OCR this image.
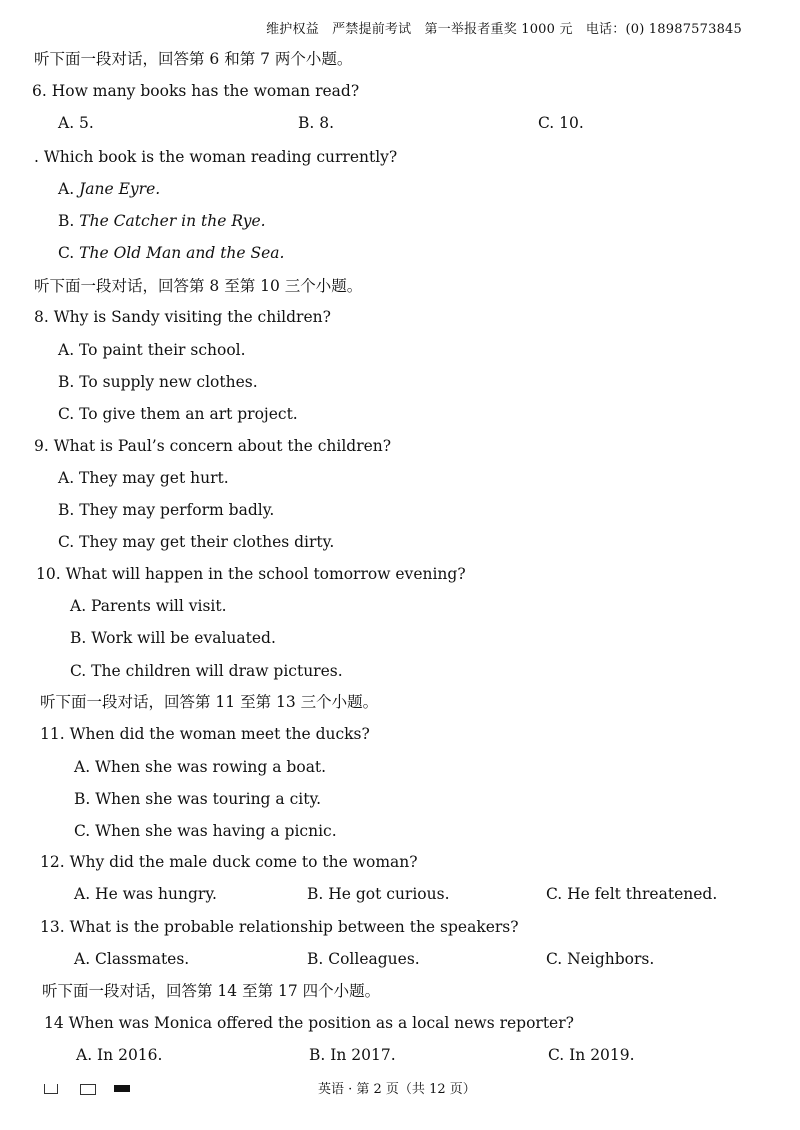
维护权益　严禁提前考试　第一举报者重奖 1000 元　电话：(0) 18987573845
听下面一段对话，回答第 6 和第 7 两个小题。
6. How many books has the woman read?
A. 5.	B. 8.	C. 10.
. Which book is the woman reading currently?
A. Jane Eyre.
B. The Catcher in the Rye.
C. The Old Man and the Sea.
听下面一段对话，回答第 8 至第 10 三个小题。
8. Why is Sandy visiting the children?
A. To paint their school.
B. To supply new clothes.
C. To give them an art project.
9. What is Paul’s concern about the children?
A. They may get hurt.
B. They may perform badly.
C. They may get their clothes dirty.
10. What will happen in the school tomorrow evening?
A. Parents will visit.
B. Work will be evaluated.
C. The children will draw pictures.
听下面一段对话，回答第 11 至第 13 三个小题。
11. When did the woman meet the ducks?
A. When she was rowing a boat.
B. When she was touring a city.
C. When she was having a picnic.
12. Why did the male duck come to the woman?
A. He was hungry.	B. He got curious.	C. He felt threatened.
13. What is the probable relationship between the speakers?
A. Classmates.	B. Colleagues.	C. Neighbors.
听下面一段对话，回答第 14 至第 17 四个小题。
14 When was Monica offered the position as a local news reporter?
A. In 2016.	B. In 2017.	C. In 2019.
英语 · 第 2 页（共 12 页）
